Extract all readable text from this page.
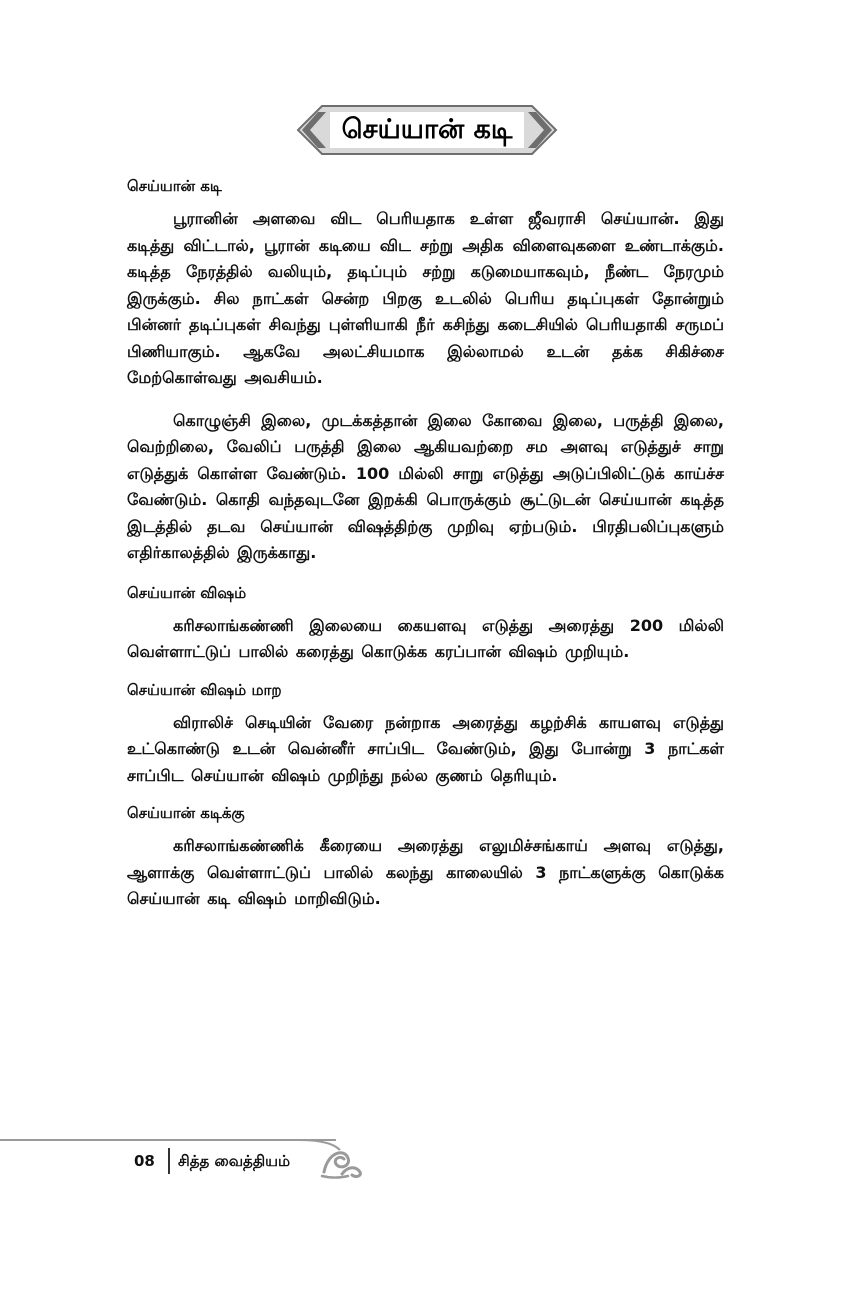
செய்யான் கடி
செய்யான் கடி

பூரானின் அளவை விட பெரியதாக உள்ள ஜீவராசி செய்யான். இது கடித்து விட்டால், பூரான் கடியை விட சற்று அதிக விளைவுகளை உண்டாக்கும். கடித்த நேரத்தில் வலியும், தடிப்பும் சற்று கடுமையாகவும், நீண்ட நேரமும் இருக்கும். சில நாட்கள் சென்ற பிறகு உடலில் பெரிய தடிப்புகள் தோன்றும் பின்னர் தடிப்புகள் சிவந்து புள்ளியாகி நீர் கசிந்து கடைசியில் பெரியதாகி சருமப் பிணியாகும். ஆகவே அலட்சியமாக இல்லாமல் உடன் தக்க சிகிச்சை மேற்கொள்வது அவசியம்.

கொழுஞ்சி இலை, முடக்கத்தான் இலை கோவை இலை, பருத்தி இலை, வெற்றிலை, வேலிப் பருத்தி இலை ஆகியவற்றை சம அளவு எடுத்துச் சாறு எடுத்துக் கொள்ள வேண்டும். 100 மில்லி சாறு எடுத்து அடுப்பிலிட்டுக் காய்ச்ச வேண்டும். கொதி வந்தவுடனே இறக்கி பொருக்கும் சூட்டுடன் செய்யான் கடித்த இடத்தில் தடவ செய்யான் விஷத்திற்கு முறிவு ஏற்படும். பிரதிபலிப்புகளும் எதிர்காலத்தில் இருக்காது.

செய்யான் விஷம்

கரிசலாங்கண்ணி இலையை கையளவு எடுத்து அரைத்து 200 மில்லி வெள்ளாட்டுப் பாலில் கரைத்து கொடுக்க கரப்பான் விஷம் முறியும்.

செய்யான் விஷம் மாற

விராலிச் செடியின் வேரை நன்றாக அரைத்து கழற்சிக் காயளவு எடுத்து உட்கொண்டு உடன் வென்னீர் சாப்பிட வேண்டும், இது போன்று 3 நாட்கள் சாப்பிட செய்யான் விஷம் முறிந்து நல்ல குணம் தெரியும்.

செய்யான் கடிக்கு

கரிசலாங்கண்ணிக் கீரையை அரைத்து எலுமிச்சங்காய் அளவு எடுத்து, ஆளாக்கு வெள்ளாட்டுப் பாலில் கலந்து காலையில் 3 நாட்களுக்கு கொடுக்க செய்யான் கடி விஷம் மாறிவிடும்.

08 சித்த வைத்தியம்
